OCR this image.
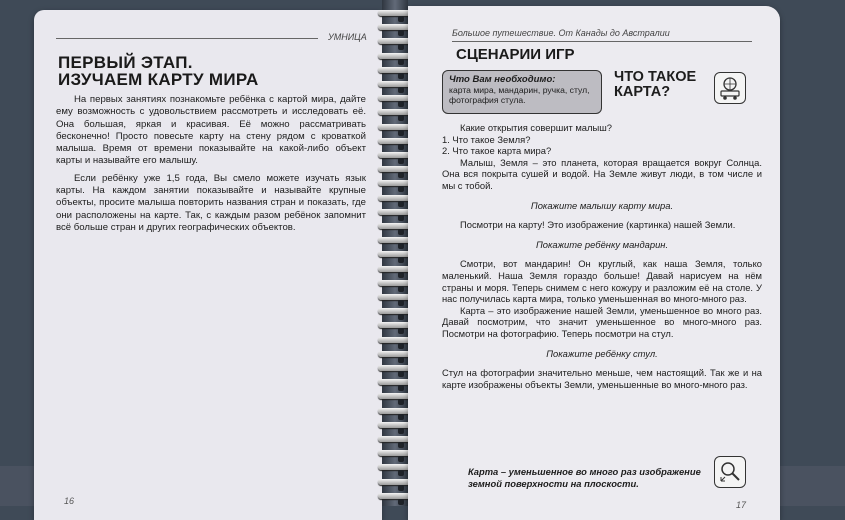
УМНИЦА
ПЕРВЫЙ ЭТАП.
ИЗУЧАЕМ КАРТУ МИРА

На первых занятиях познакомьте ребёнка с картой мира, дайте ему возможность с удовольствием рассмотреть и исследовать её. Она большая, яркая и красивая. Её можно рассматривать бесконечно! Просто повесьте карту на стену рядом с кроваткой малыша. Время от времени показывайте на какой-либо объект карты и называйте его малышу.

Если ребёнку уже 1,5 года, Вы смело можете изучать язык карты. На каждом занятии показывайте и называйте крупные объекты, просите малыша повторить названия стран и показать, где они расположены на карте. Так, с каждым разом ребёнок запомнит всё больше стран и других географических объектов.

16
Большое путешествие. От Канады до Австралии
СЦЕНАРИИ ИГР
Что Вам необходимо:
карта мира, мандарин, ручка, стул, фотография стула.
ЧТО ТАКОЕ
КАРТА?

Какие открытия совершит малыш?

1. Что такое Земля?

2. Что такое карта мира?

Малыш, Земля – это планета, которая вращается вокруг Солнца. Она вся покрыта сушей и водой. На Земле живут люди, в том числе и мы с тобой.

Покажите малышу карту мира.

Посмотри на карту! Это изображение (картинка) нашей Земли.

Покажите ребёнку мандарин.

Смотри, вот мандарин! Он круглый, как наша Земля, только маленький. Наша Земля гораздо больше! Давай нарисуем на нём страны и моря. Теперь снимем с него кожуру и разложим её на столе. У нас получилась карта мира, только уменьшенная во много-много раз.

Карта – это изображение нашей Земли, уменьшенное во много раз. Давай посмотрим, что значит уменьшенное во много-много раз. Посмотри на фотографию. Теперь посмотри на стул.

Покажите ребёнку стул.

Стул на фотографии значительно меньше, чем настоящий. Так же и на карте изображены объекты Земли, уменьшенные во много-много раз.

Карта – уменьшенное во много раз изображение земной поверхности на плоскости.
17
